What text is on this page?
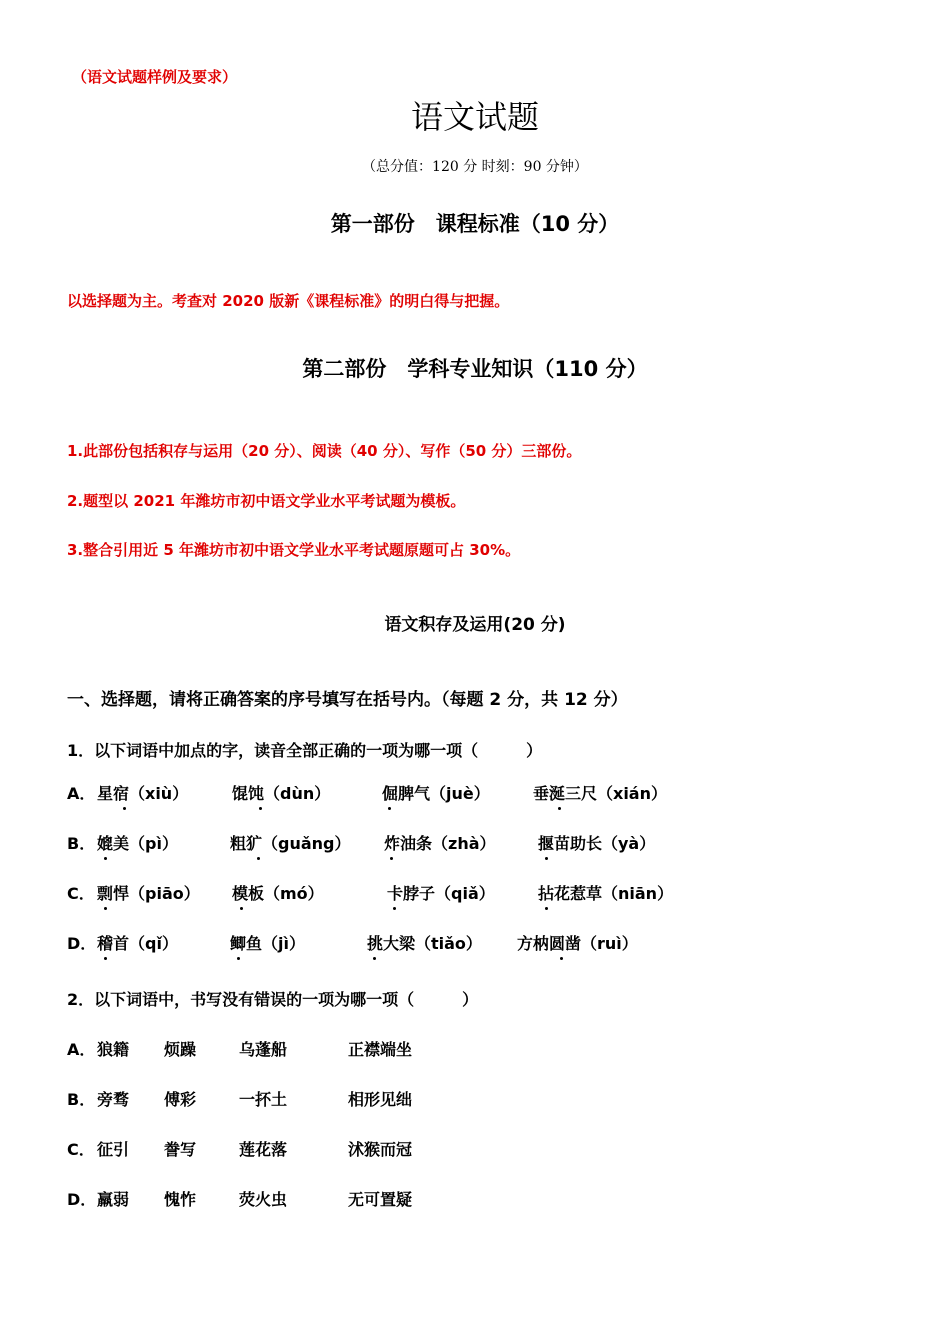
（语文试题样例及要求）
语文试题
（总分值：120 分 时刻：90 分钟）
第一部份　课程标准（10 分）
以选择题为主。考查对 2020 版新《课程标准》的明白得与把握。
第二部份　学科专业知识（110 分）
1.此部份包括积存与运用（20 分）、阅读（40 分）、写作（50 分）三部份。
2.题型以 2021 年潍坊市初中语文学业水平考试题为模板。
3.整合引用近 5 年潍坊市初中语文学业水平考试题原题可占 30%。
语文积存及运用(20 分)
一、选择题，请将正确答案的序号填写在括号内。（每题 2 分，共 12 分）
1．以下词语中加点的字，读音全部正确的一项为哪一项（　　　）
A． 星宿（xiù）	馄饨（dùn）	倔脾气（juè）	垂涎三尺（xián）
B． 媲美（pì）	粗犷（guǎng） 炸油条（zhà）	揠苗助长（yà）
C． 剽悍（piāo） 模板（mó）	卡脖子（qiǎ）	拈花惹草（niān）
D． 稽首（qǐ）	鲫鱼（jì）	挑大梁（tiǎo） 方枘圆凿（ruì）
2．以下词语中，书写没有错误的一项为哪一项（　　　）
A． 狼籍 烦躁	乌蓬船	正襟端坐
B． 旁骛 傅彩	一抔土	相形见绌
C． 征引 誊写	莲花落	沭猴而冠
D． 羸弱 愧怍	荧火虫	无可置疑
